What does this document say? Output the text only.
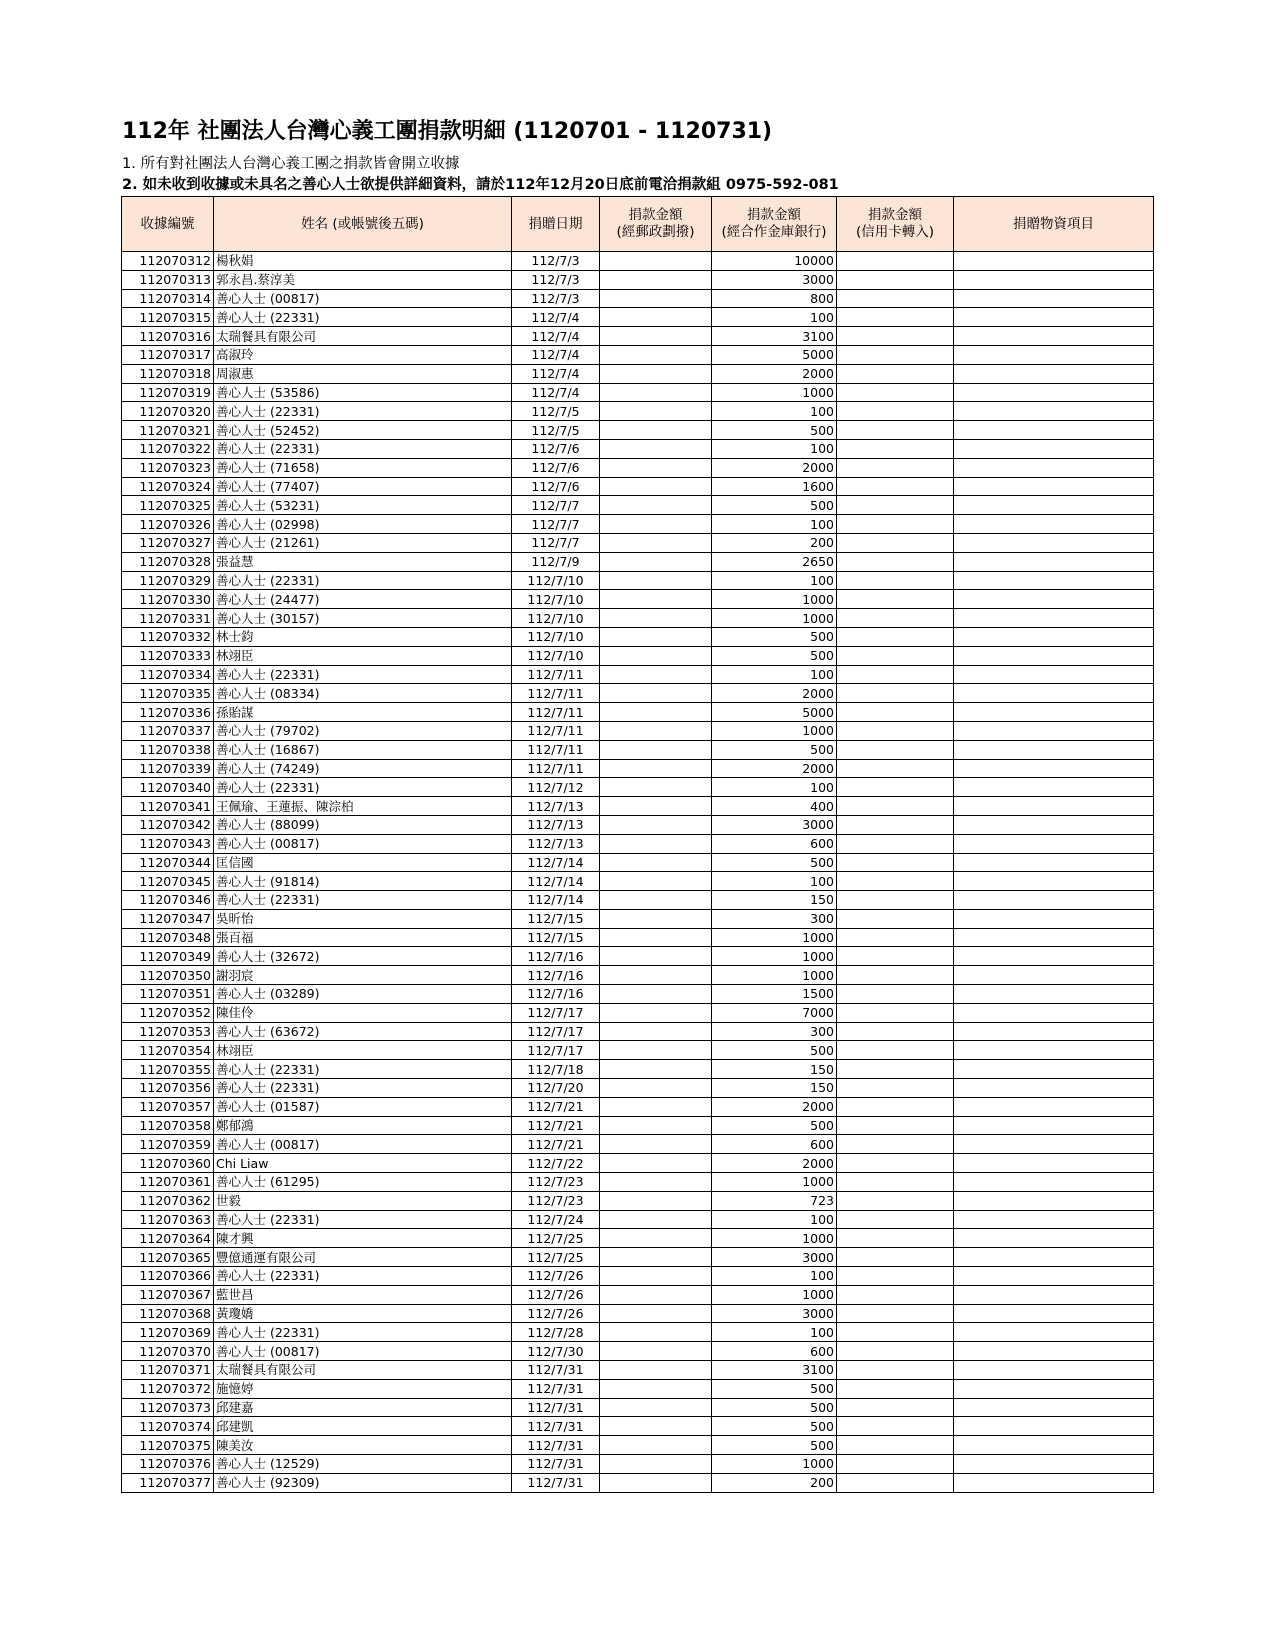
112年 社團法人台灣心義工團捐款明細 (1120701 - 1120731)
1. 所有對社團法人台灣心義工團之捐款皆會開立收據
2. 如未收到收據或未具名之善心人士欲提供詳細資料，請於112年12月20日底前電洽捐款組 0975-592-081
收據編號	姓名 (或帳號後五碼)	捐贈日期	捐款金額
(經郵政劃撥)	捐款金額
(經合作金庫銀行)	捐款金額
(信用卡轉入)	捐贈物資項目
112070312	楊秋娟	112/7/3		10000		
112070313	郭永昌.蔡淳美	112/7/3		3000		
112070314	善心人士 (00817)	112/7/3		800		
112070315	善心人士 (22331)	112/7/4		100		
112070316	太瑞餐具有限公司	112/7/4		3100		
112070317	高淑玲	112/7/4		5000		
112070318	周淑惠	112/7/4		2000		
112070319	善心人士 (53586)	112/7/4		1000		
112070320	善心人士 (22331)	112/7/5		100		
112070321	善心人士 (52452)	112/7/5		500		
112070322	善心人士 (22331)	112/7/6		100		
112070323	善心人士 (71658)	112/7/6		2000		
112070324	善心人士 (77407)	112/7/6		1600		
112070325	善心人士 (53231)	112/7/7		500		
112070326	善心人士 (02998)	112/7/7		100		
112070327	善心人士 (21261)	112/7/7		200		
112070328	張益慧	112/7/9		2650		
112070329	善心人士 (22331)	112/7/10		100		
112070330	善心人士 (24477)	112/7/10		1000		
112070331	善心人士 (30157)	112/7/10		1000		
112070332	林士鈞	112/7/10		500		
112070333	林翊臣	112/7/10		500		
112070334	善心人士 (22331)	112/7/11		100		
112070335	善心人士 (08334)	112/7/11		2000		
112070336	孫貽謀	112/7/11		5000		
112070337	善心人士 (79702)	112/7/11		1000		
112070338	善心人士 (16867)	112/7/11		500		
112070339	善心人士 (74249)	112/7/11		2000		
112070340	善心人士 (22331)	112/7/12		100		
112070341	王佩瑜、王蓮振、陳淙柏	112/7/13		400		
112070342	善心人士 (88099)	112/7/13		3000		
112070343	善心人士 (00817)	112/7/13		600		
112070344	匡信國	112/7/14		500		
112070345	善心人士 (91814)	112/7/14		100		
112070346	善心人士 (22331)	112/7/14		150		
112070347	吳昕怡	112/7/15		300		
112070348	張百福	112/7/15		1000		
112070349	善心人士 (32672)	112/7/16		1000		
112070350	謝羽宸	112/7/16		1000		
112070351	善心人士 (03289)	112/7/16		1500		
112070352	陳佳伶	112/7/17		7000		
112070353	善心人士 (63672)	112/7/17		300		
112070354	林翊臣	112/7/17		500		
112070355	善心人士 (22331)	112/7/18		150		
112070356	善心人士 (22331)	112/7/20		150		
112070357	善心人士 (01587)	112/7/21		2000		
112070358	鄭郁鴻	112/7/21		500		
112070359	善心人士 (00817)	112/7/21		600		
112070360	Chi Liaw	112/7/22		2000		
112070361	善心人士 (61295)	112/7/23		1000		
112070362	世毅	112/7/23		723		
112070363	善心人士 (22331)	112/7/24		100		
112070364	陳才興	112/7/25		1000		
112070365	豐億通運有限公司	112/7/25		3000		
112070366	善心人士 (22331)	112/7/26		100		
112070367	藍世昌	112/7/26		1000		
112070368	黃瓊嬌	112/7/26		3000		
112070369	善心人士 (22331)	112/7/28		100		
112070370	善心人士 (00817)	112/7/30		600		
112070371	太瑞餐具有限公司	112/7/31		3100		
112070372	施憶婷	112/7/31		500		
112070373	邱建嘉	112/7/31		500		
112070374	邱建凱	112/7/31		500		
112070375	陳美汝	112/7/31		500		
112070376	善心人士 (12529)	112/7/31		1000		
112070377	善心人士 (92309)	112/7/31		200		
